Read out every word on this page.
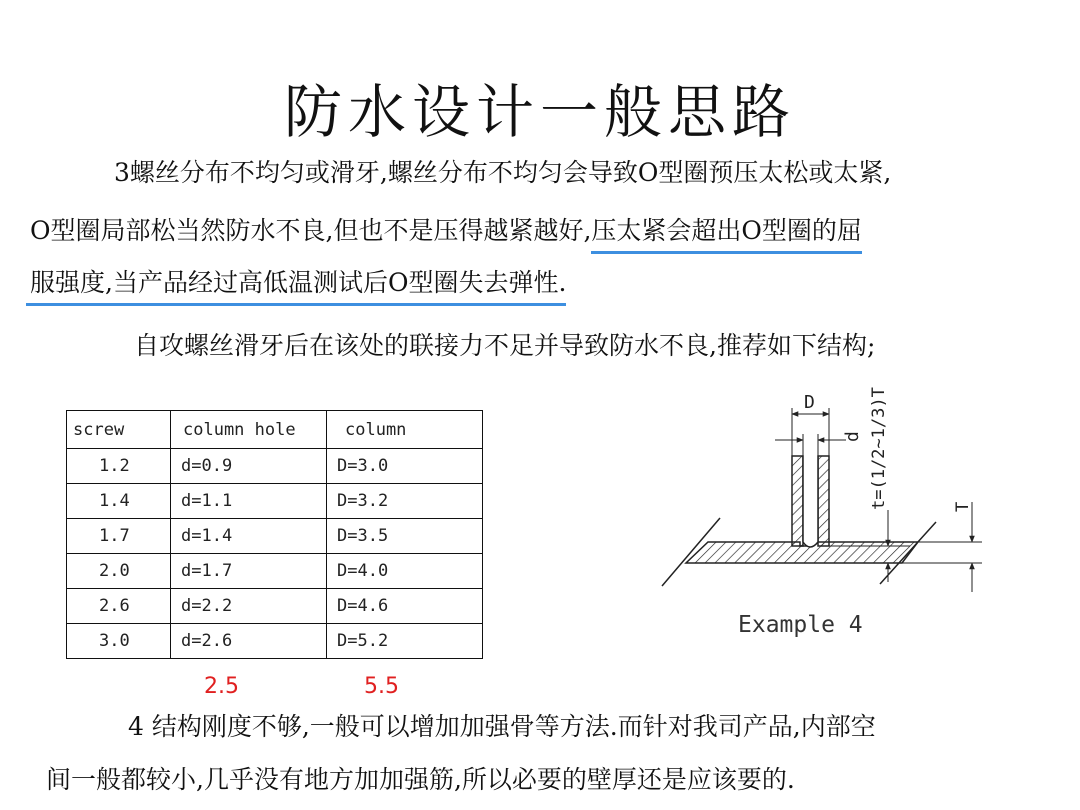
防水设计一般思路
3螺丝分布不均匀或滑牙,螺丝分布不均匀会导致O型圈预压太松或太紧,
O型圈局部松当然防水不良,但也不是压得越紧越好,压太紧会超出O型圈的屈
服强度,当产品经过高低温测试后O型圈失去弹性.
自攻螺丝滑牙后在该处的联接力不足并导致防水不良,推荐如下结构;
screw	column hole	column
1.2	d=0.9	D=3.0
1.4	d=1.1	D=3.2
1.7	d=1.4	D=3.5
2.0	d=1.7	D=4.0
2.6	d=2.2	D=4.6
3.0	d=2.6	D=5.2
2.5	5.5
D
d t=(1/2~1/3)T	T
Example 4
4 结构刚度不够,一般可以增加加强骨等方法.而针对我司产品,内部空
间一般都较小,几乎没有地方加加强筋,所以必要的壁厚还是应该要的.
